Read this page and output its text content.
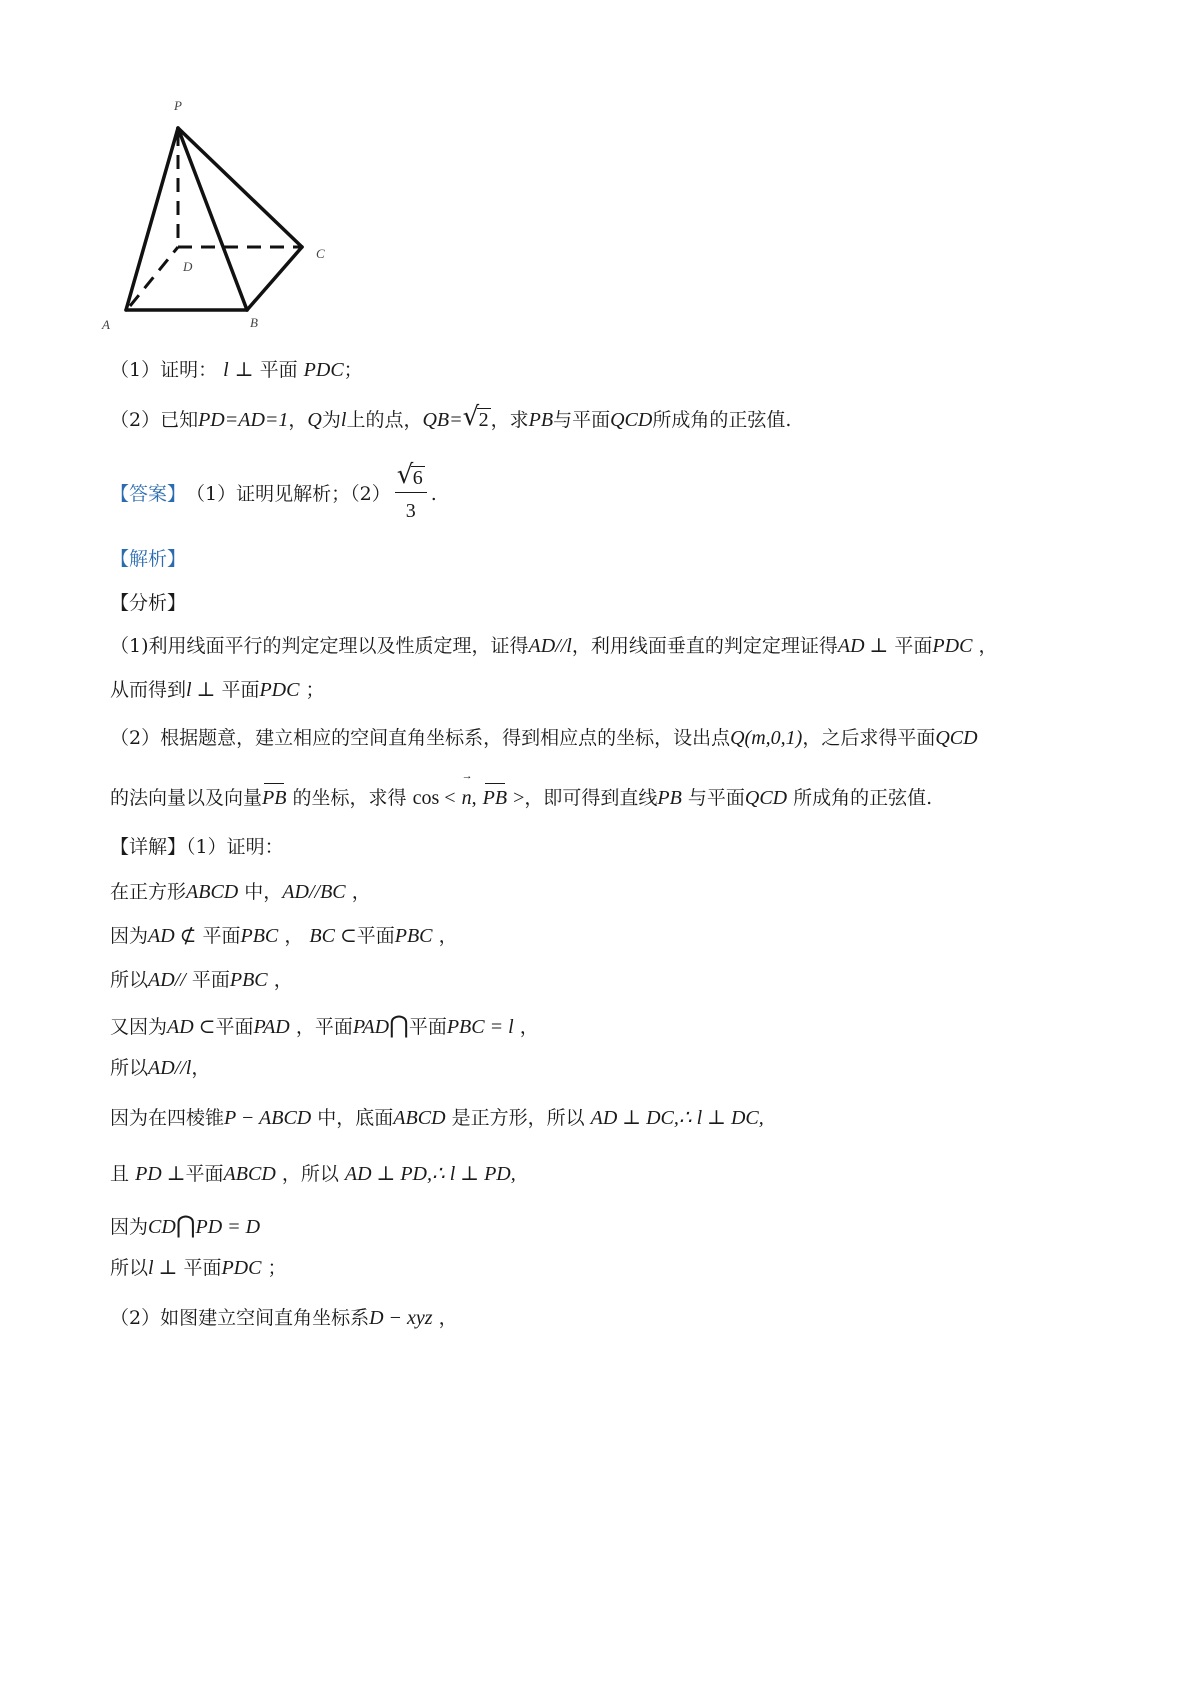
P
D
C
A	B
（1）证明： l ⊥ 平面 PDC；
（2）已知PD=AD=1，Q为l上的点，QB= √ 2 ，求PB与平面QCD所成角的正弦值.
【答案】 （1）证明见解析；$(2) \frac{√ 6}{3}$ .
【解析】
【分析】
（1)利用线面平行的判定定理以及性质定理，证得AD//l，利用线面垂直的判定定理证得AD ⊥ 平面PDC ，
从而得到l ⊥ 平面PDC ；
（2）根据题意，建立相应的空间直角坐标系，得到相应点的坐标，设出点Q(m,0,1)，之后求得平面QCD
的法向量以及向量PB 的坐标，求得 cos < → n, PB >，即可得到直线PB 与平面QCD 所成角的正弦值.
【详解】（1）证明：
在正方形ABCD 中，AD//BC ，
因为AD ⊄ 平面PBC ， BC ⊂平面PBC ，
所以AD// 平面PBC ，
又因为AD ⊂平面PAD ，平面PAD⋂平面PBC = l ，
所以AD//l，
因为在四棱锥P − ABCD 中，底面ABCD 是正方形，所以 AD ⊥ DC,∴ l ⊥ DC,
且 PD ⊥平面ABCD ，所以 AD ⊥ PD,∴ l ⊥ PD,
因为CD⋂PD = D
所以l ⊥ 平面PDC ；
（2）如图建立空间直角坐标系D − xyz ，
